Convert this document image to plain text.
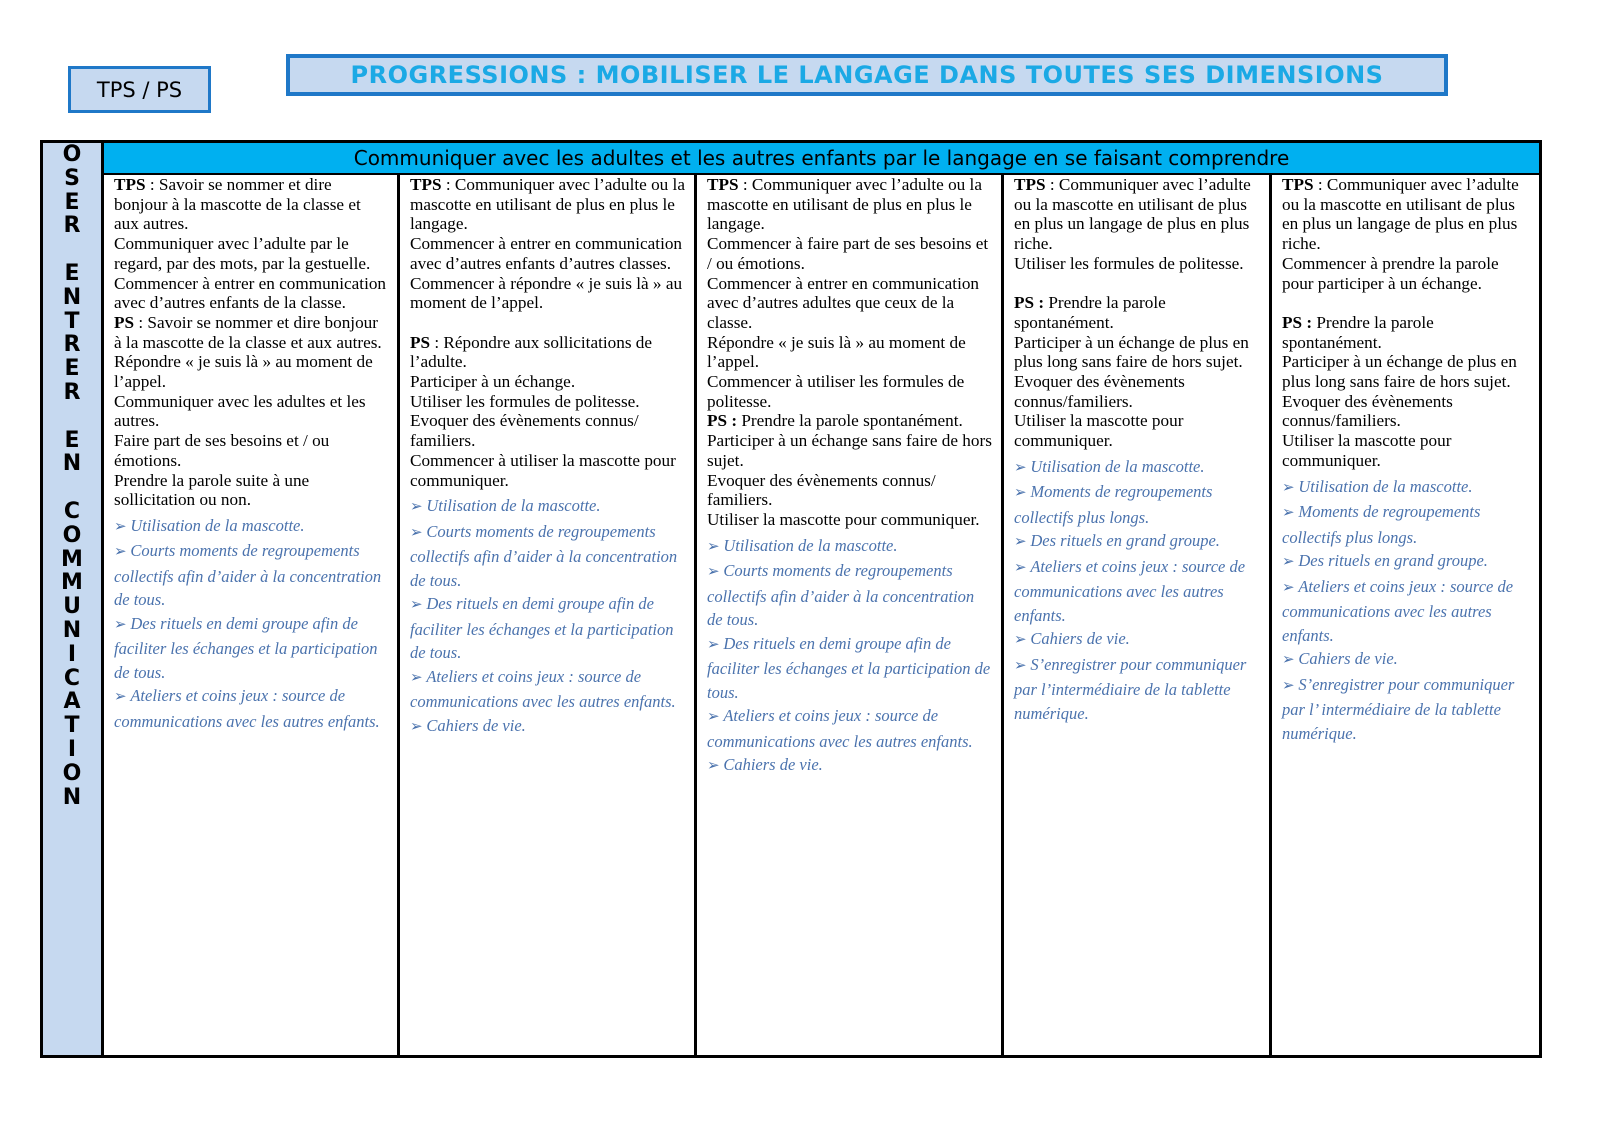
TPS / PS
PROGRESSIONS : MOBILISER LE LANGAGE DANS TOUTES SES DIMENSIONS
O
S
E
R

E
N
T
R
E
R

E
N

C
O
M
M
U
N
I
C
A
T
I
O
N
Communiquer avec les adultes et les autres enfants par le langage en se faisant comprendre

TPS : Savoir se nommer et dire bonjour à la mascotte de la classe et aux autres.

Communiquer avec l’adulte par le regard, par des mots, par la gestuelle.

Commencer à entrer en communication avec d’autres enfants de la classe.

PS : Savoir se nommer et dire bonjour à la mascotte de la classe et aux autres.

Répondre « je suis là » au moment de l’appel.

Communiquer avec les adultes et les autres.

Faire part de ses besoins et / ou émotions.

Prendre la parole suite à une sollicitation ou non.

➢ Utilisation de la mascotte.
➢ Courts moments de regroupements collectifs afin d’aider à la concentration de tous.
➢ Des rituels en demi groupe afin de faciliter les échanges et la participation de tous.
➢ Ateliers et coins jeux : source de communications avec les autres enfants.

TPS : Communiquer avec l’adulte ou la mascotte en utilisant de plus en plus le langage.

Commencer à entrer en communication avec d’autres enfants d’autres classes.

Commencer à répondre « je suis là » au moment de l’appel.

PS : Répondre aux sollicitations de l’adulte.

Participer à un échange.

Utiliser les formules de politesse.

Evoquer des évènements connus/ familiers.

Commencer à utiliser la mascotte pour communiquer.

➢ Utilisation de la mascotte.
➢ Courts moments de regroupements collectifs afin d’aider à la concentration de tous.
➢ Des rituels en demi groupe afin de faciliter les échanges et la participation de tous.
➢ Ateliers et coins jeux : source de communications avec les autres enfants.
➢ Cahiers de vie.

TPS : Communiquer avec l’adulte ou la mascotte en utilisant de plus en plus le langage.

Commencer à faire part de ses besoins et / ou émotions.

Commencer à entrer en communication avec d’autres adultes que ceux de la classe.

Répondre « je suis là » au moment de l’appel.

Commencer à utiliser les formules de politesse.

PS : Prendre la parole spontanément.

Participer à un échange sans faire de hors sujet.

Evoquer des évènements connus/ familiers.

Utiliser la mascotte pour communiquer.

➢ Utilisation de la mascotte.
➢ Courts moments de regroupements collectifs afin d’aider à la concentration de tous.
➢ Des rituels en demi groupe afin de faciliter les échanges et la participation de tous.
➢ Ateliers et coins jeux : source de communications avec les autres enfants.
➢ Cahiers de vie.

TPS : Communiquer avec l’adulte ou la mascotte en utilisant de plus en plus un langage de plus en plus riche.

Utiliser les formules de politesse.

PS : Prendre la parole spontanément.

Participer à un échange de plus en plus long sans faire de hors sujet.

Evoquer des évènements connus/familiers.

Utiliser la mascotte pour communiquer.

➢ Utilisation de la mascotte.
➢ Moments de regroupements collectifs plus longs.
➢ Des rituels en grand groupe.
➢ Ateliers et coins jeux : source de communications avec les autres enfants.
➢ Cahiers de vie.
➢ S’enregistrer pour communiquer par l’intermédiaire de la tablette numérique.

TPS : Communiquer avec l’adulte ou la mascotte en utilisant de plus en plus un langage de plus en plus riche.

Commencer à prendre la parole pour participer à un échange.

PS : Prendre la parole spontanément.

Participer à un échange de plus en plus long sans faire de hors sujet.

Evoquer des évènements connus/familiers.

Utiliser la mascotte pour communiquer.

➢ Utilisation de la mascotte.
➢ Moments de regroupements collectifs plus longs.
➢ Des rituels en grand groupe.
➢ Ateliers et coins jeux : source de communications avec les autres enfants.
➢ Cahiers de vie.
➢ S’enregistrer pour communiquer par l’ intermédiaire de la tablette numérique.
